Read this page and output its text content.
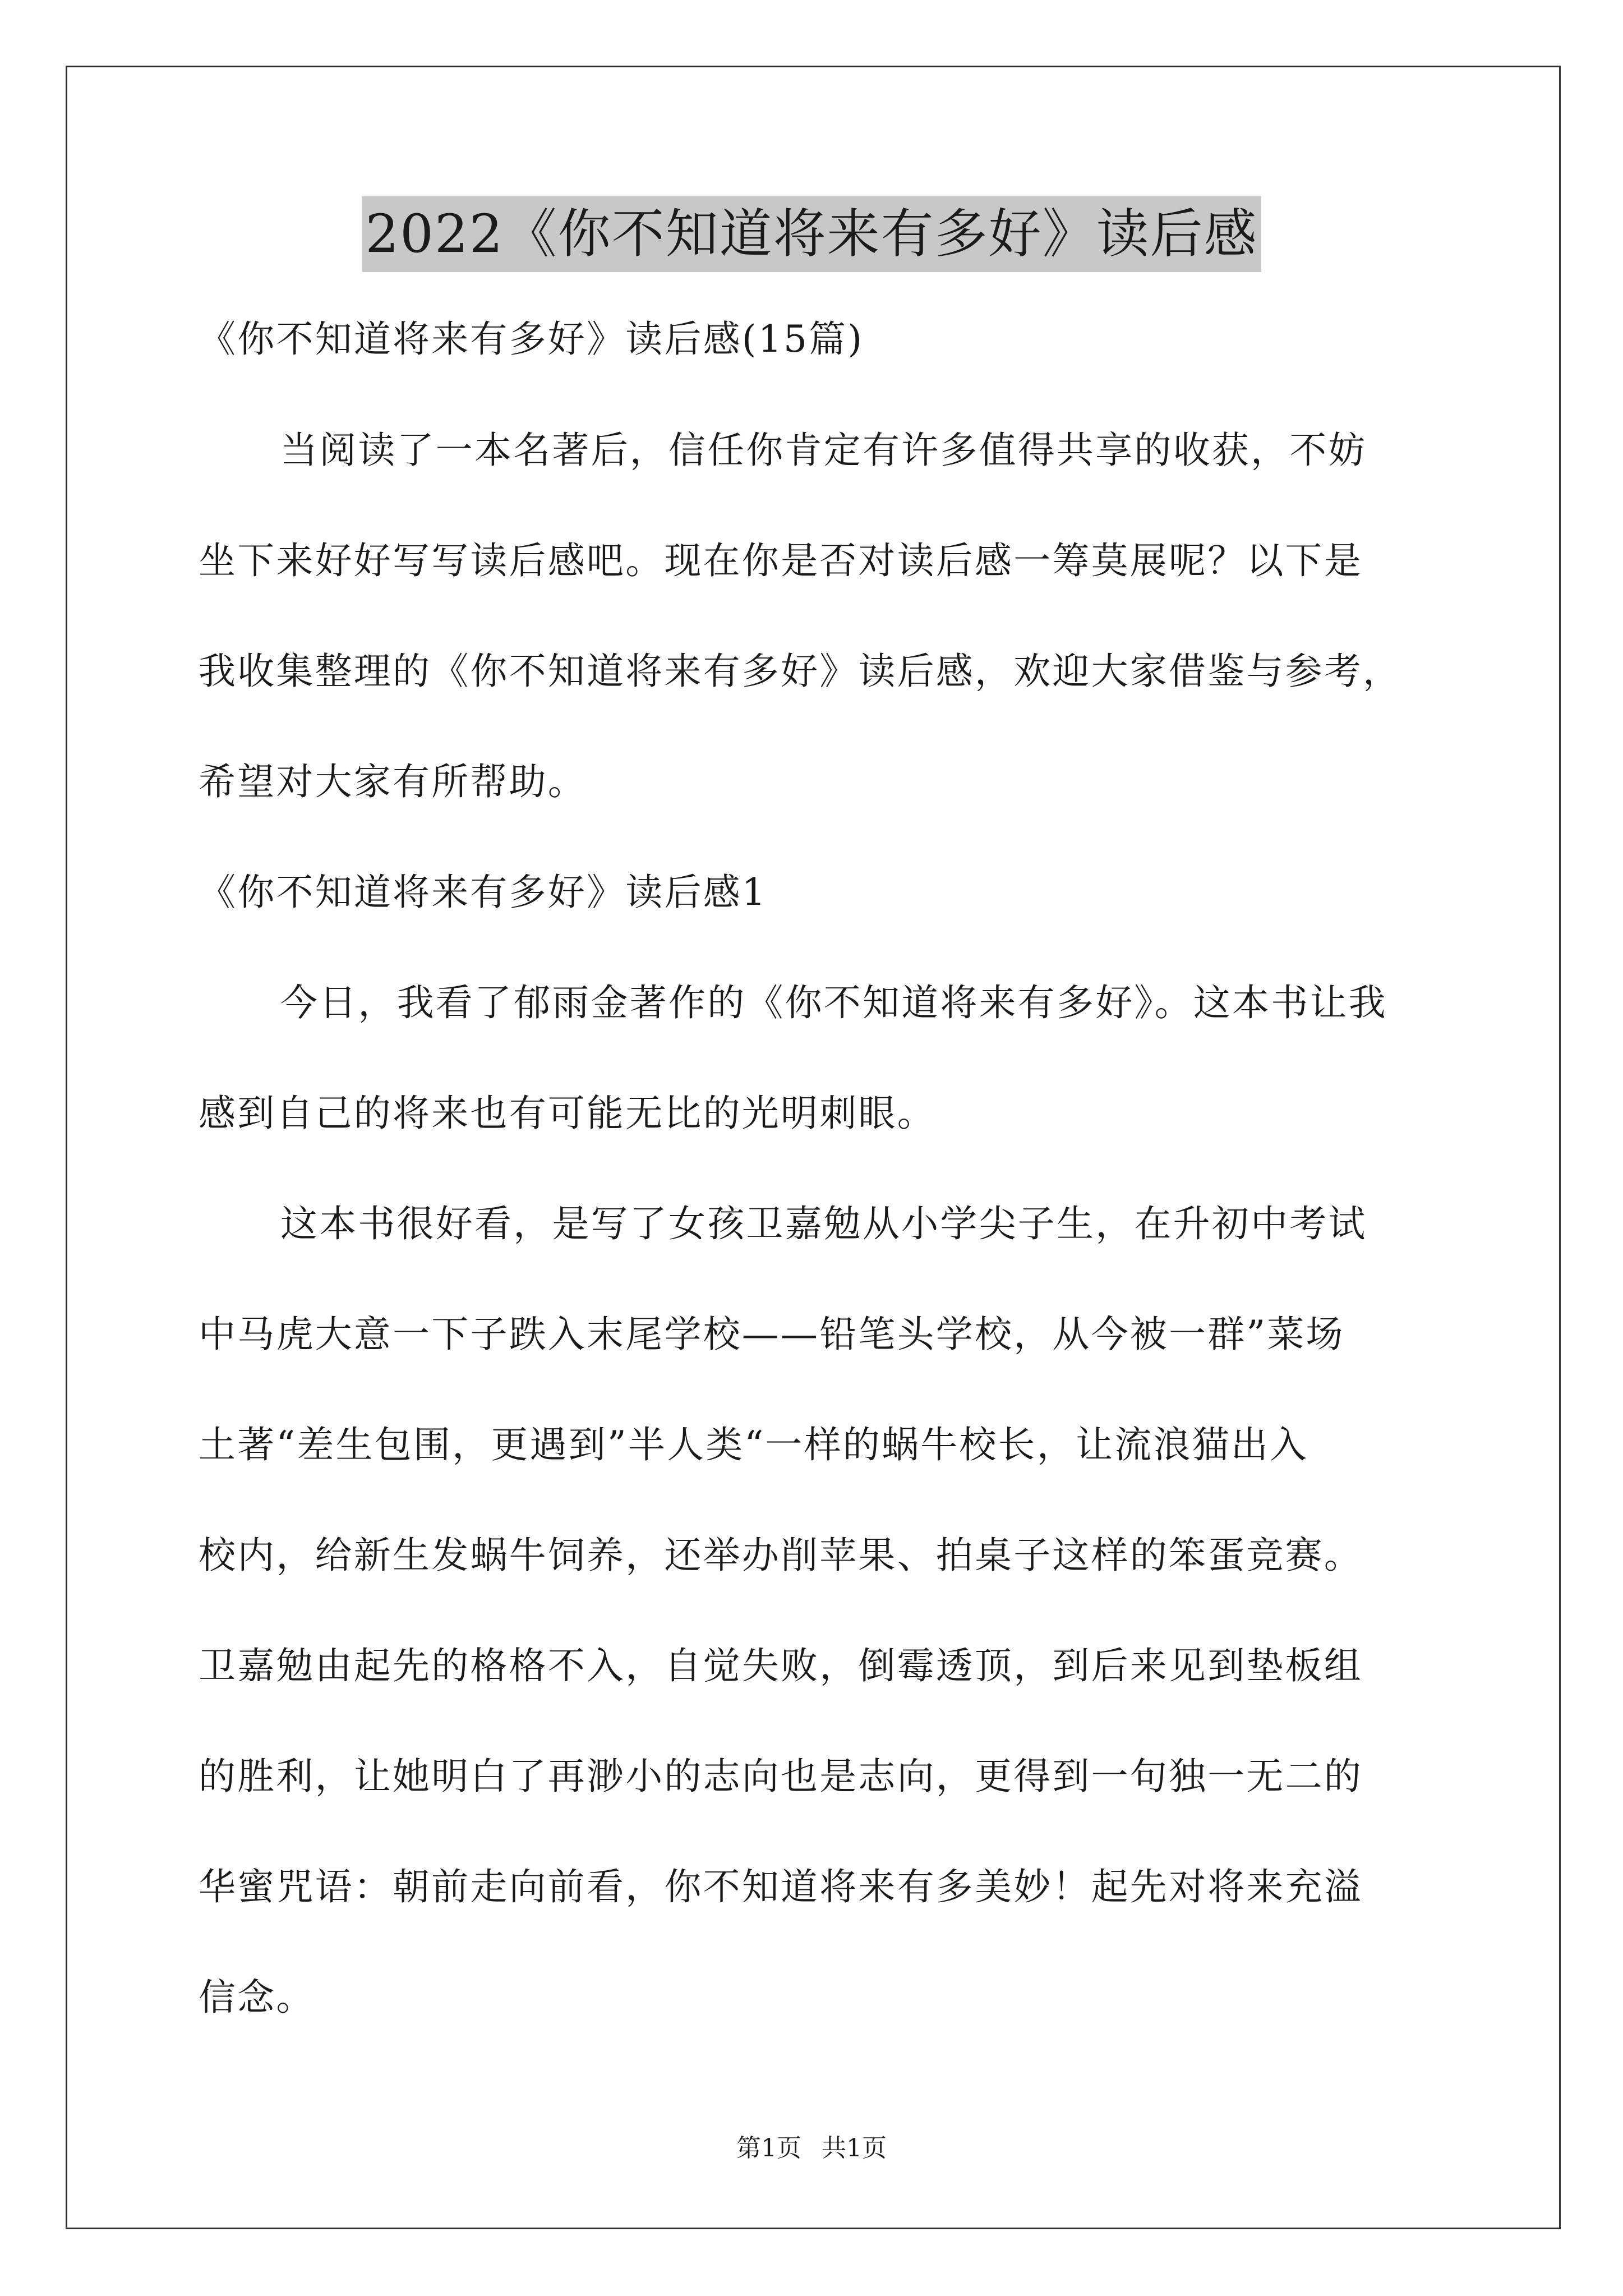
2022《你不知道将来有多好》读后感
《你不知道将来有多好》读后感(15篇)
当阅读了一本名著后，信任你肯定有许多值得共享的收获，不妨
坐下来好好写写读后感吧。现在你是否对读后感一筹莫展呢？以下是
我收集整理的《你不知道将来有多好》读后感，欢迎大家借鉴与参考，
希望对大家有所帮助。
《你不知道将来有多好》读后感1
今日，我看了郁雨金著作的《你不知道将来有多好》。这本书让我
感到自己的将来也有可能无比的光明刺眼。
这本书很好看，是写了女孩卫嘉勉从小学尖子生，在升初中考试
中马虎大意一下子跌入末尾学校——铅笔头学校，从今被一群”菜场
土著“差生包围，更遇到”半人类“一样的蜗牛校长，让流浪猫出入
校内，给新生发蜗牛饲养，还举办削苹果、拍桌子这样的笨蛋竞赛。
卫嘉勉由起先的格格不入，自觉失败，倒霉透顶，到后来见到垫板组
的胜利，让她明白了再渺小的志向也是志向，更得到一句独一无二的
华蜜咒语：朝前走向前看，你不知道将来有多美妙！起先对将来充溢
信念。
第1页 共1页
